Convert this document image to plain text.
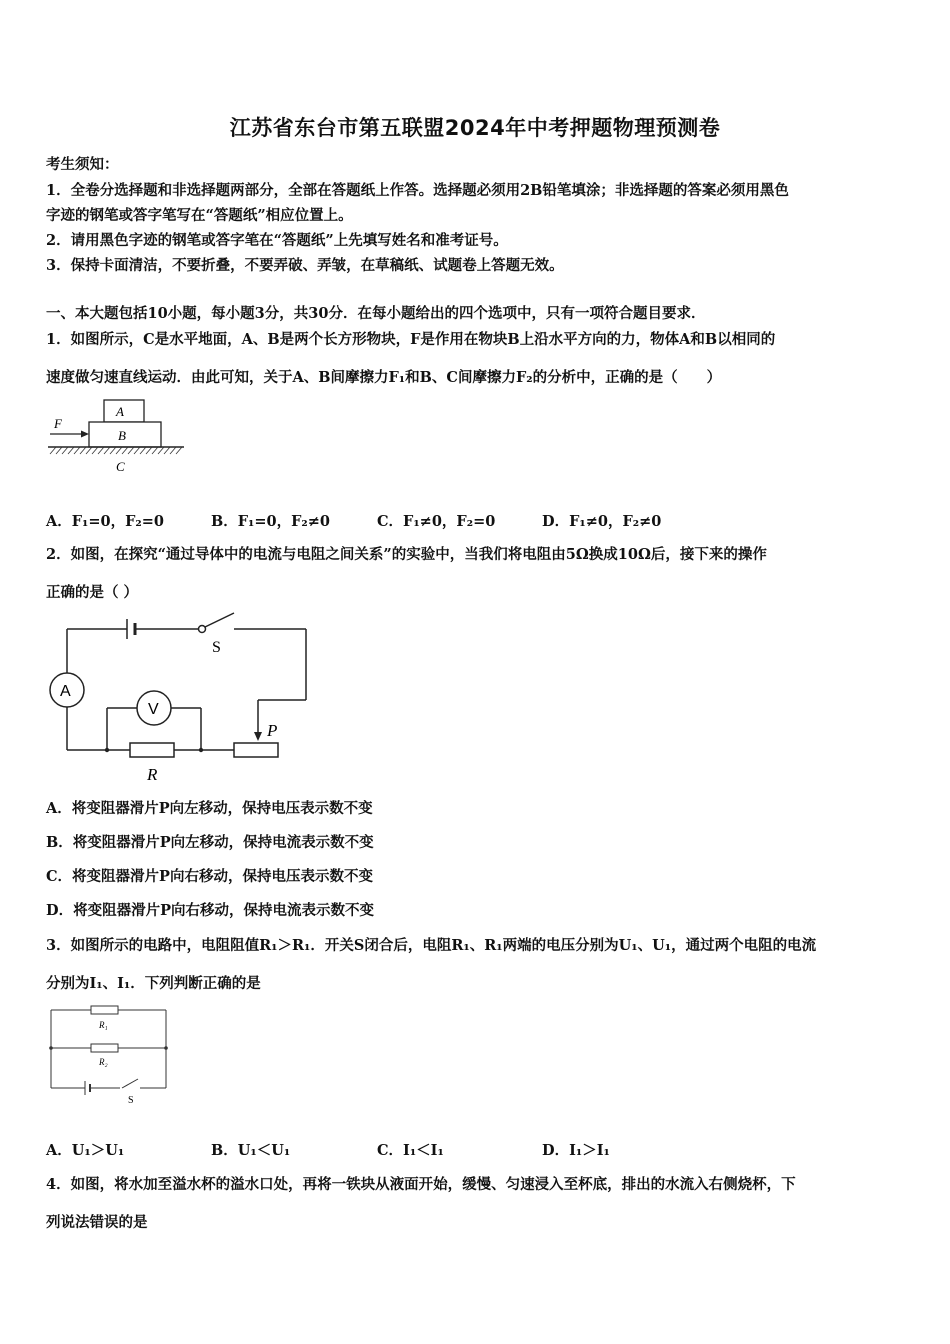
江苏省东台市第五联盟2024年中考押题物理预测卷
考生须知：
1．全卷分选择题和非选择题两部分，全部在答题纸上作答。选择题必须用2B铅笔填涂；非选择题的答案必须用黑色
字迹的钢笔或答字笔写在“答题纸”相应位置上。
2．请用黑色字迹的钢笔或答字笔在“答题纸”上先填写姓名和准考证号。
3．保持卡面清洁，不要折叠，不要弄破、弄皱，在草稿纸、试题卷上答题无效。
一、本大题包括10小题，每小题3分，共30分．在每小题给出的四个选项中，只有一项符合题目要求．
1．如图所示，C是水平地面，A、B是两个长方形物块，F是作用在物块B上沿水平方向的力，物体A和B以相同的
速度做匀速直线运动．由此可知，关于A、B间摩擦力F₁和B、C间摩擦力F₂的分析中，正确的是（　　）
A
B
C
F
A．F₁=0，F₂=0	B．F₁=0，F₂≠0	C．F₁≠0，F₂=0	D．F₁≠0，F₂≠0
2．如图，在探究“通过导体中的电流与电阻之间关系”的实验中，当我们将电阻由5Ω换成10Ω后，接下来的操作
正确的是（ ）
S
A
V
P
R
A．将变阻器滑片P向左移动，保持电压表示数不变
B．将变阻器滑片P向左移动，保持电流表示数不变
C．将变阻器滑片P向右移动，保持电压表示数不变
D．将变阻器滑片P向右移动，保持电流表示数不变
3．如图所示的电路中，电阻阻值R₁＞R₁．开关S闭合后，电阻R₁、R₁两端的电压分别为U₁、U₁，通过两个电阻的电流
分别为I₁、I₁．下列判断正确的是
R₁
R₂
S
A．U₁＞U₁	B．U₁＜U₁	C．I₁＜I₁	D．I₁＞I₁
4．如图，将水加至溢水杯的溢水口处，再将一铁块从液面开始，缓慢、匀速浸入至杯底，排出的水流入右侧烧杯，下
列说法错误的是
